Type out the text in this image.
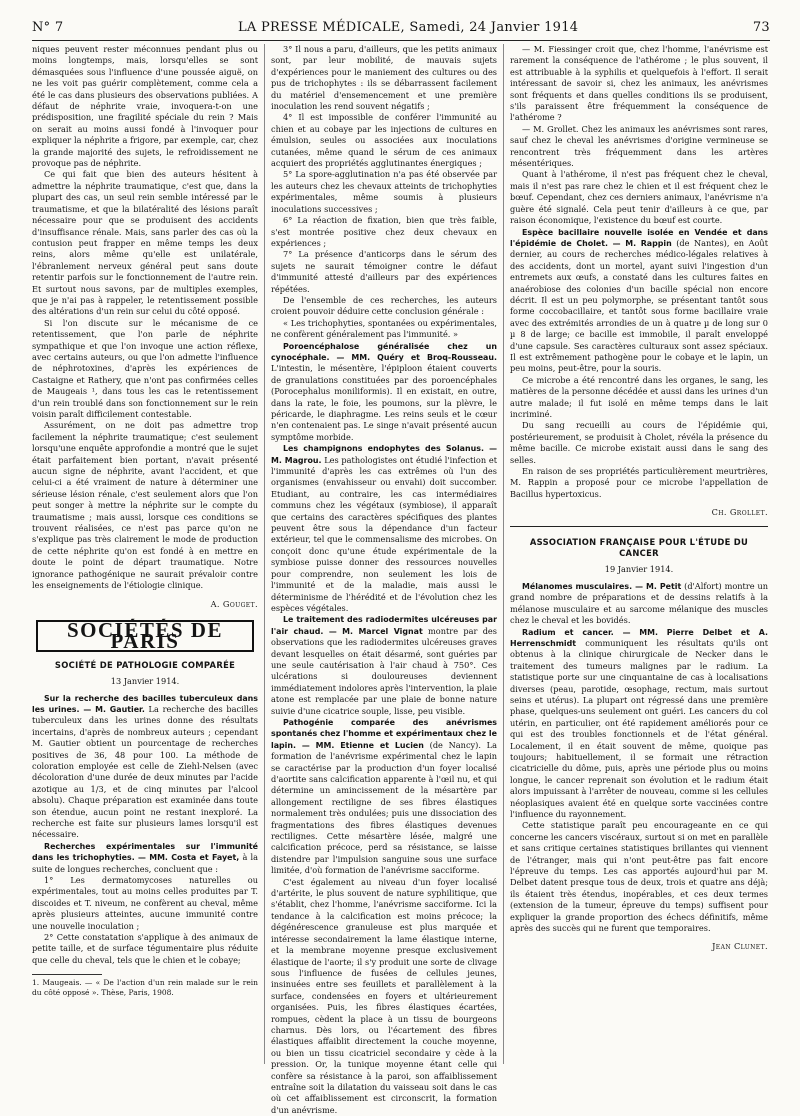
N° 7	LA PRESSE MÉDICALE, Samedi, 24 Janvier 1914	73

niques peuvent rester méconnues pendant plus ou moins longtemps, mais, lorsqu'elles se sont démasquées sous l'influence d'une poussée aiguë, on ne les voit pas guérir complètement, comme cela a été le cas dans plusieurs des observations publiées. A défaut de néphrite vraie, invoquera-t-on une prédisposition, une fragilité spéciale du rein ? Mais on serait au moins aussi fondé à l'invoquer pour expliquer la néphrite a frigore, par exemple, car, chez la grande majorité des sujets, le refroidissement ne provoque pas de néphrite.

Ce qui fait que bien des auteurs hésitent à admettre la néphrite traumatique, c'est que, dans la plupart des cas, un seul rein semble intéressé par le traumatisme, et que la bilatéralité des lésions paraît nécessaire pour que se produisent des accidents d'insuffisance rénale. Mais, sans parler des cas où la contusion peut frapper en même temps les deux reins, alors même qu'elle est unilatérale, l'ébranlement nerveux général peut sans doute retentir parfois sur le fonctionnement de l'autre rein. Et surtout nous savons, par de multiples exemples, que je n'ai pas à rappeler, le retentissement possible des altérations d'un rein sur celui du côté opposé.

Si l'on discute sur le mécanisme de ce retentissement, que l'on parle de néphrite sympathique et que l'on invoque une action réflexe, avec certains auteurs, ou que l'on admette l'influence de néphrotoxines, d'après les expériences de Castaigne et Rathery, que n'ont pas confirmées celles de Maugeais ¹, dans tous les cas le retentissement d'un rein troublé dans son fonctionnement sur le rein voisin paraît difficilement contestable.

Assurément, on ne doit pas admettre trop facilement la néphrite traumatique; c'est seulement lorsqu'une enquête approfondie a montré que le sujet était parfaitement bien portant, n'avait présenté aucun signe de néphrite, avant l'accident, et que celui-ci a été vraiment de nature à déterminer une sérieuse lésion rénale, c'est seulement alors que l'on peut songer à mettre la néphrite sur le compte du traumatisme ; mais aussi, lorsque ces conditions se trouvent réalisées, ce n'est pas parce qu'on ne s'explique pas très clairement le mode de production de cette néphrite qu'on est fondé à en mettre en doute le point de départ traumatique. Notre ignorance pathogénique ne saurait prévaloir contre les enseignements de l'étiologie clinique.

A. Gouget.
SOCIÉTÉS DE PARIS
SOCIÉTÉ DE PATHOLOGIE COMPARÉE
13 Janvier 1914.

Sur la recherche des bacilles tuberculeux dans les urines. — M. Gautier. La recherche des bacilles tuberculeux dans les urines donne des résultats incertains, d'après de nombreux auteurs ; cependant M. Gautier obtient un pourcentage de recherches positives de 36, 48 pour 100. La méthode de coloration employée est celle de Ziehl-Nelsen (avec décoloration d'une durée de deux minutes par l'acide azotique au 1/3, et de cinq minutes par l'alcool absolu). Chaque préparation est examinée dans toute son étendue, aucun point ne restant inexploré. La recherche est faite sur plusieurs lames lorsqu'il est nécessaire.

Recherches expérimentales sur l'immunité dans les trichophyties. — MM. Costa et Fayet, à la suite de longues recherches, concluent que :

1° Les dermatomycoses naturelles ou expérimentales, tout au moins celles produites par T. discoides et T. niveum, ne confèrent au cheval, même après plusieurs atteintes, aucune immunité contre une nouvelle inoculation ;

2° Cette constatation s'applique à des animaux de petite taille, et de surface tégumentaire plus réduite que celle du cheval, tels que le chien et le cobaye;

1. Maugeais. — « De l'action d'un rein malade sur le rein du côté opposé ». Thèse, Paris, 1908.

3° Il nous a paru, d'ailleurs, que les petits animaux sont, par leur mobilité, de mauvais sujets d'expériences pour le maniement des cultures ou des pus de trichophytes : ils se débarrassent facilement du matériel d'ensemencement et une première inoculation les rend souvent négatifs ;

4° Il est impossible de conférer l'immunité au chien et au cobaye par les injections de cultures en émulsion, seules ou associées aux inoculations cutanées, même quand le sérum de ces animaux acquiert des propriétés agglutinantes énergiques ;

5° La spore-agglutination n'a pas été observée par les auteurs chez les chevaux atteints de trichophyties expérimentales, même soumis à plusieurs inoculations successives ;

6° La réaction de fixation, bien que très faible, s'est montrée positive chez deux chevaux en expériences ;

7° La présence d'anticorps dans le sérum des sujets ne saurait témoigner contre le défaut d'immunité attesté d'ailleurs par des expériences répétées.

De l'ensemble de ces recherches, les auteurs croient pouvoir déduire cette conclusion générale :

« Les trichophyties, spontanées ou expérimentales, ne confèrent généralement pas l'immunité. »

Poroencéphalose généralisée chez un cynocéphale. — MM. Quéry et Broq-Rousseau. L'intestin, le mésentère, l'épiploon étaient couverts de granulations constituées par des poroencéphales (Porocephalus moniliformis). Il en existait, en outre, dans la rate, le foie, les poumons, sur la plèvre, le péricarde, le diaphragme. Les reins seuls et le cœur n'en contenaient pas. Le singe n'avait présenté aucun symptôme morbide.

Les champignons endophytes des Solanus. — M. Magrou. Les pathologistes ont étudié l'infection et l'immunité d'après les cas extrêmes où l'un des organismes (envahisseur ou envahi) doit succomber. Etudiant, au contraire, les cas intermédiaires communs chez les végétaux (symbiose), il apparaît que certains des caractères spécifiques des plantes peuvent être sous la dépendance d'un facteur extérieur, tel que le commensalisme des microbes. On conçoit donc qu'une étude expérimentale de la symbiose puisse donner des ressources nouvelles pour comprendre, non seulement les lois de l'immunité et de la maladie, mais aussi le déterminisme de l'hérédité et de l'évolution chez les espèces végétales.

Le traitement des radiodermites ulcéreuses par l'air chaud. — M. Marcel Vignat montre par des observations que les radiodermites ulcéreuses graves devant lesquelles on était désarmé, sont guéries par une seule cautérisation à l'air chaud à 750°. Ces ulcérations si douloureuses deviennent immédiatement indolores après l'intervention, la plaie atone est remplacée par une plaie de bonne nature suivie d'une cicatrice souple, lisse, peu visible.

Pathogénie comparée des anévrismes spontanés chez l'homme et expérimentaux chez le lapin. — MM. Etienne et Lucien (de Nancy). La formation de l'anévrisme expérimental chez le lapin se caractérise par la production d'un foyer localisé d'aortite sans calcification apparente à l'œil nu, et qui détermine un amincissement de la mésartère par allongement rectiligne de ses fibres élastiques normalement très ondulées; puis une dissociation des fragmentations des fibres élastiques devenues rectilignes. Cette mésartère lésée, malgré une calcification précoce, perd sa résistance, se laisse distendre par l'impulsion sanguine sous une surface limitée, d'où formation de l'anévrisme sacciforme.

C'est également au niveau d'un foyer localisé d'artérite, le plus souvent de nature syphilitique, que s'établit, chez l'homme, l'anévrisme sacciforme. Ici la tendance à la calcification est moins précoce; la dégénérescence granuleuse est plus marquée et intéresse secondairement la lame élastique interne, et la membrane moyenne presque exclusivement élastique de l'aorte; il s'y produit une sorte de clivage sous l'influence de fusées de cellules jeunes, insinuées entre ses feuillets et parallèlement à la surface, condensées en foyers et ultérieurement organisées. Puis, les fibres élastiques écartées, rompues, cèdent la place à un tissu de bourgeons charnus. Dès lors, ou l'écartement des fibres élastiques affaiblit directement la couche moyenne, ou bien un tissu cicatriciel secondaire y cède à la pression. Or, la tunique moyenne étant celle qui confère sa résistance à la paroi, son affaiblissement entraîne soit la dilatation du vaisseau soit dans le cas où cet affaiblissement est circonscrit, la formation d'un anévrisme.

— M. Fiessinger croit que, chez l'homme, l'anévrisme est rarement la conséquence de l'athérome ; le plus souvent, il est attribuable à la syphilis et quelquefois à l'effort. Il serait intéressant de savoir si, chez les animaux, les anévrismes sont fréquents et dans quelles conditions ils se produisent, s'ils paraissent être fréquemment la conséquence de l'athérome ?

— M. Grollet. Chez les animaux les anévrismes sont rares, sauf chez le cheval les anévrismes d'origine vermineuse se rencontrent très fréquemment dans les artères mésentériques.

Quant à l'athérome, il n'est pas fréquent chez le cheval, mais il n'est pas rare chez le chien et il est fréquent chez le bœuf. Cependant, chez ces derniers animaux, l'anévrisme n'a guère été signalé. Cela peut tenir d'ailleurs à ce que, par raison économique, l'existence du bœuf est courte.

Espèce bacillaire nouvelle isolée en Vendée et dans l'épidémie de Cholet. — M. Rappin (de Nantes), en Août dernier, au cours de recherches médico-légales relatives à des accidents, dont un mortel, ayant suivi l'ingestion d'un entremets aux œufs, a constaté dans les cultures faites en anaérobiose des colonies d'un bacille spécial non encore décrit. Il est un peu polymorphe, se présentant tantôt sous forme coccobacillaire, et tantôt sous forme bacillaire vraie avec des extrémités arrondies de un à quatre µ de long sur 0 µ 8 de large; ce bacille est immobile, il paraît enveloppé d'une capsule. Ses caractères culturaux sont assez spéciaux. Il est extrêmement pathogène pour le cobaye et le lapin, un peu moins, peut-être, pour la souris.

Ce microbe a été rencontré dans les organes, le sang, les matières de la personne décédée et aussi dans les urines d'un autre malade; il fut isolé en même temps dans le lait incriminé.

Du sang recueilli au cours de l'épidémie qui, postérieurement, se produisit à Cholet, révéla la présence du même bacille. Ce microbe existait aussi dans le sang des selles.

En raison de ses propriétés particulièrement meurtrières, M. Rappin a proposé pour ce microbe l'appellation de Bacillus hypertoxicus.

Ch. Grollet.
ASSOCIATION FRANÇAISE POUR L'ÉTUDE DU CANCER
19 Janvier 1914.

Mélanomes musculaires. — M. Petit (d'Alfort) montre un grand nombre de préparations et de dessins relatifs à la mélanose musculaire et au sarcome mélanique des muscles chez le cheval et les bovidés.

Radium et cancer. — MM. Pierre Delbet et A. Herrenschmidt communiquent les résultats qu'ils ont obtenus à la clinique chirurgicale de Necker dans le traitement des tumeurs malignes par le radium. La statistique porte sur une cinquantaine de cas à localisations diverses (peau, parotide, œsophage, rectum, mais surtout seins et utérus). La plupart ont régressé dans une première phase, quelques-uns seulement ont guéri. Les cancers du col utérin, en particulier, ont été rapidement améliorés pour ce qui est des troubles fonctionnels et de l'état général. Localement, il en était souvent de même, quoique pas toujours; habituellement, il se formait une rétraction cicatricielle du dôme, puis, après une période plus ou moins longue, le cancer reprenait son évolution et le radium était alors impuissant à l'arrêter de nouveau, comme si les cellules néoplasiques avaient été en quelque sorte vaccinées contre l'influence du rayonnement.

Cette statistique paraît peu encourageante en ce qui concerne les cancers viscéraux, surtout si on met en parallèle et sans critique certaines statistiques brillantes qui viennent de l'étranger, mais qui n'ont peut-être pas fait encore l'épreuve du temps. Les cas apportés aujourd'hui par M. Delbet datent presque tous de deux, trois et quatre ans déjà; ils étaient très étendus, inopérables, et ces deux termes (extension de la tumeur, épreuve du temps) suffisent pour expliquer la grande proportion des échecs définitifs, même après des succès qui ne furent que temporaires.

Jean Clunet.
